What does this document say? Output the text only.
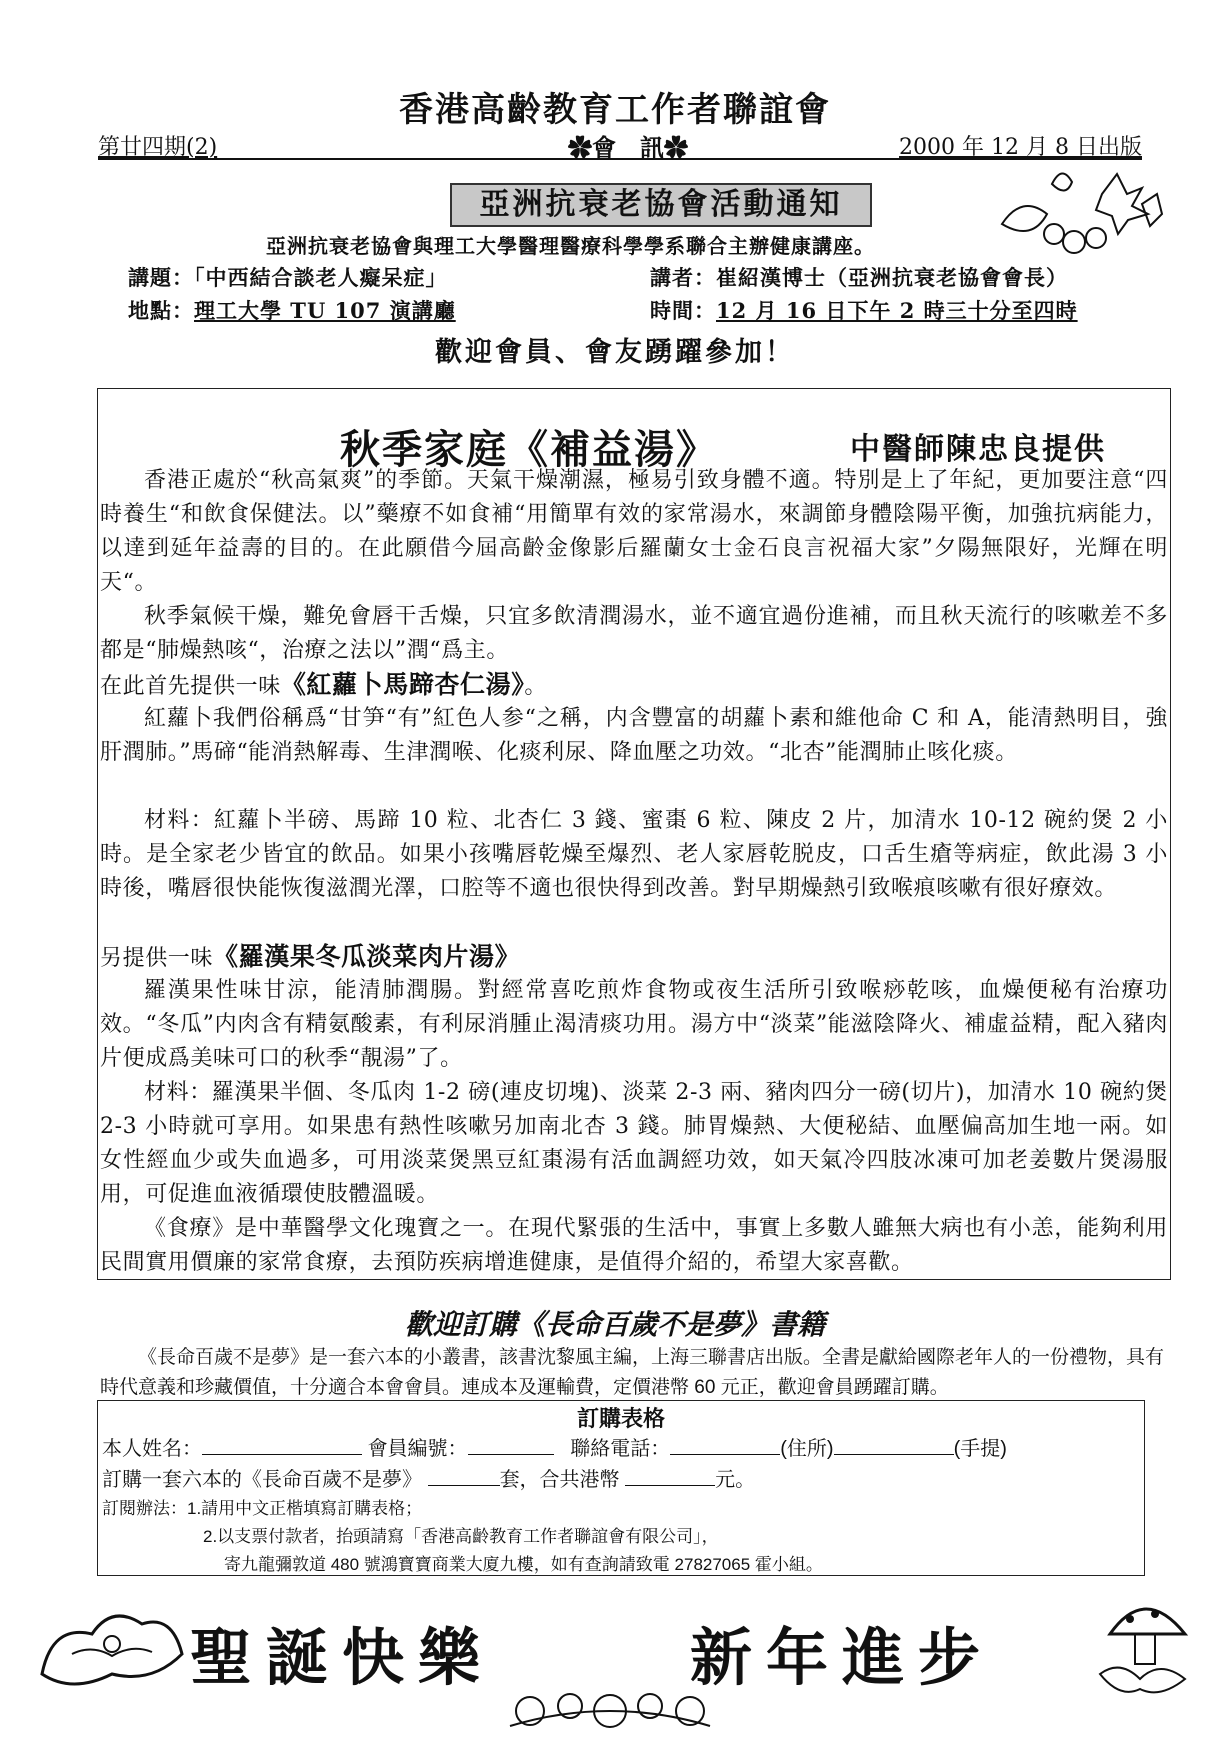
香港高齡教育工作者聯誼會
第廿四期(2)	✿會　訊✿	2000 年 12 月 8 日出版
亞洲抗衰老協會活動通知
亞洲抗衰老協會與理工大學醫理醫療科學學系聯合主辦健康講座。
講題：「中西結合談老人癡呆症」	講者：崔紹漢博士（亞洲抗衰老協會會長）
地點：理工大學 TU 107 演講廳	時間：12 月 16 日下午 2 時三十分至四時
歡迎會員、會友踴躍參加！
秋季家庭《補益湯》	中醫師陳忠良提供
香港正處於“秋高氣爽”的季節。天氣干燥潮濕，極易引致身體不適。特別是上了年紀，更加要注意“四時養生“和飲食保健法。以”藥療不如食補“用簡單有效的家常湯水，來調節身體陰陽平衡，加強抗病能力，以達到延年益壽的目的。在此願借今屆高齡金像影后羅蘭女士金石良言祝福大家”夕陽無限好，光輝在明天“。
秋季氣候干燥，難免會唇干舌燥，只宜多飲清潤湯水，並不適宜過份進補，而且秋天流行的咳嗽差不多都是“肺燥熱咳“，治療之法以”潤“爲主。
在此首先提供一味《紅蘿卜馬蹄杏仁湯》。
紅蘿卜我們俗稱爲“甘笋“有”紅色人参“之稱，内含豐富的胡蘿卜素和維他命 C 和 A，能清熱明目，強肝潤肺。”馬碲“能消熱解毒、生津潤喉、化痰利尿、降血壓之功效。“北杏”能潤肺止咳化痰。
材料：紅蘿卜半磅、馬蹄 10 粒、北杏仁 3 錢、蜜棗 6 粒、陳皮 2 片，加清水 10-12 碗約煲 2 小時。是全家老少皆宜的飲品。如果小孩嘴唇乾燥至爆烈、老人家唇乾脱皮，口舌生瘡等病症，飲此湯 3 小時後，嘴唇很快能恢復滋潤光澤，口腔等不適也很快得到改善。對早期燥熱引致喉痕咳嗽有很好療效。
另提供一味《羅漢果冬瓜淡菜肉片湯》
羅漢果性味甘涼，能清肺潤腸。對經常喜吃煎炸食物或夜生活所引致喉痧乾咳，血燥便秘有治療功效。“冬瓜”内肉含有精氨酸素，有利尿消腫止渴清痰功用。湯方中“淡菜”能滋陰降火、補虛益精，配入豬肉片便成爲美味可口的秋季“靚湯”了。
材料：羅漢果半個、冬瓜肉 1-2 磅(連皮切塊)、淡菜 2-3 兩、豬肉四分一磅(切片)，加清水 10 碗約煲 2-3 小時就可享用。如果患有熱性咳嗽另加南北杏 3 錢。肺胃燥熱、大便秘結、血壓偏高加生地一兩。如女性經血少或失血過多，可用淡菜煲黑豆紅棗湯有活血調經功效，如天氣冷四肢冰凍可加老姜數片煲湯服用，可促進血液循環使肢體溫暖。
《食療》是中華醫學文化瑰寶之一。在現代緊張的生活中，事實上多數人雖無大病也有小恙，能夠利用民間實用價廉的家常食療，去預防疾病增進健康，是值得介紹的，希望大家喜歡。
歡迎訂購《長命百歲不是夢》書籍
《長命百歲不是夢》是一套六本的小叢書，該書沈黎風主編，上海三聯書店出版。全書是獻給國際老年人的一份禮物，具有時代意義和珍藏價值，十分適合本會會員。連成本及運輸費，定價港幣 60 元正，歡迎會員踴躍訂購。
訂購表格
本人姓名：	會員編號：	聯絡電話：	(住所)	(手提)
訂購一套六本的《長命百歲不是夢》	套，合共港幣	元。
訂閱辦法：1.請用中文正楷填寫訂購表格；
2.以支票付款者，抬頭請寫「香港高齡教育工作者聯誼會有限公司」，
寄九龍彌敦道 480 號鴻寶寶商業大廈九樓，如有查詢請致電 27827065 霍小組。
聖誕快樂	新年進步
